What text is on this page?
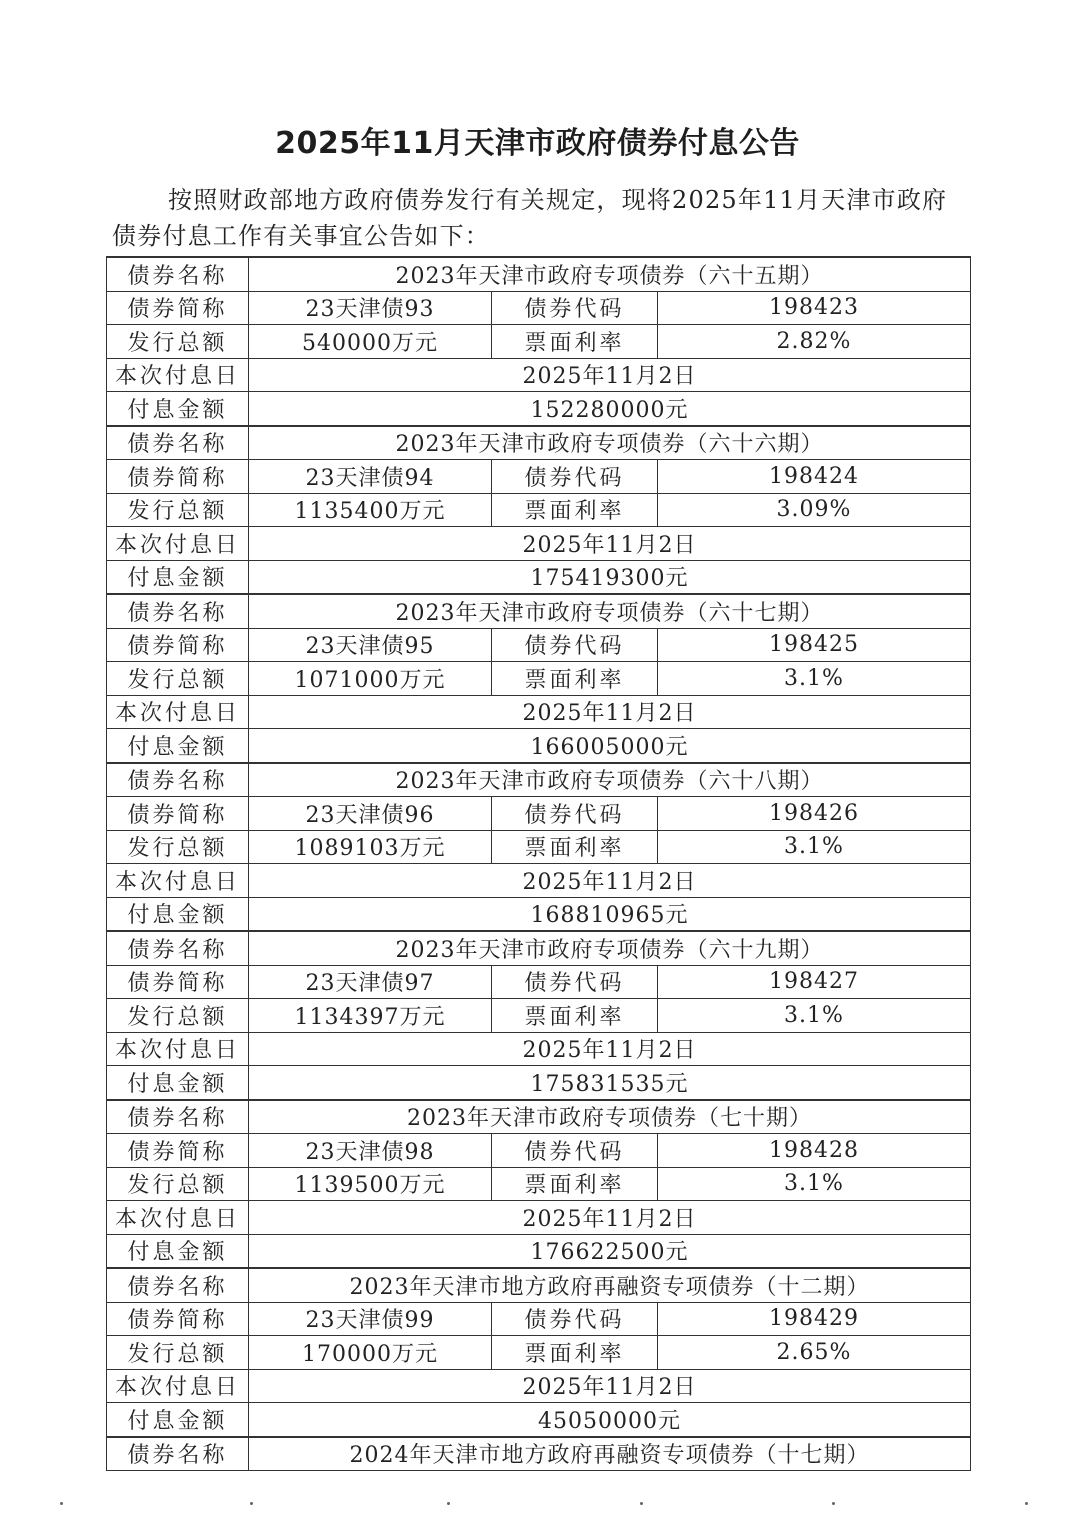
2025年11月天津市政府债券付息公告
按照财政部地方政府债券发行有关规定，现将2025年11月天津市政府债券付息工作有关事宜公告如下：
债券名称	2023年天津市政府专项债券（六十五期）		
债券简称	23天津债93	债券代码	198423
发行总额	540000万元	票面利率	2.82%
本次付息日	2025年11月2日		
付息金额	152280000元		
债券名称	2023年天津市政府专项债券（六十六期）		
债券简称	23天津债94	债券代码	198424
发行总额	1135400万元	票面利率	3.09%
本次付息日	2025年11月2日		
付息金额	175419300元		
债券名称	2023年天津市政府专项债券（六十七期）		
债券简称	23天津债95	债券代码	198425
发行总额	1071000万元	票面利率	3.1%
本次付息日	2025年11月2日		
付息金额	166005000元		
债券名称	2023年天津市政府专项债券（六十八期）		
债券简称	23天津债96	债券代码	198426
发行总额	1089103万元	票面利率	3.1%
本次付息日	2025年11月2日		
付息金额	168810965元		
债券名称	2023年天津市政府专项债券（六十九期）		
债券简称	23天津债97	债券代码	198427
发行总额	1134397万元	票面利率	3.1%
本次付息日	2025年11月2日		
付息金额	175831535元		
债券名称	2023年天津市政府专项债券（七十期）		
债券简称	23天津债98	债券代码	198428
发行总额	1139500万元	票面利率	3.1%
本次付息日	2025年11月2日		
付息金额	176622500元		
债券名称	2023年天津市地方政府再融资专项债券（十二期）		
债券简称	23天津债99	债券代码	198429
发行总额	170000万元	票面利率	2.65%
本次付息日	2025年11月2日		
付息金额	45050000元		
债券名称	2024年天津市地方政府再融资专项债券（十七期）		
